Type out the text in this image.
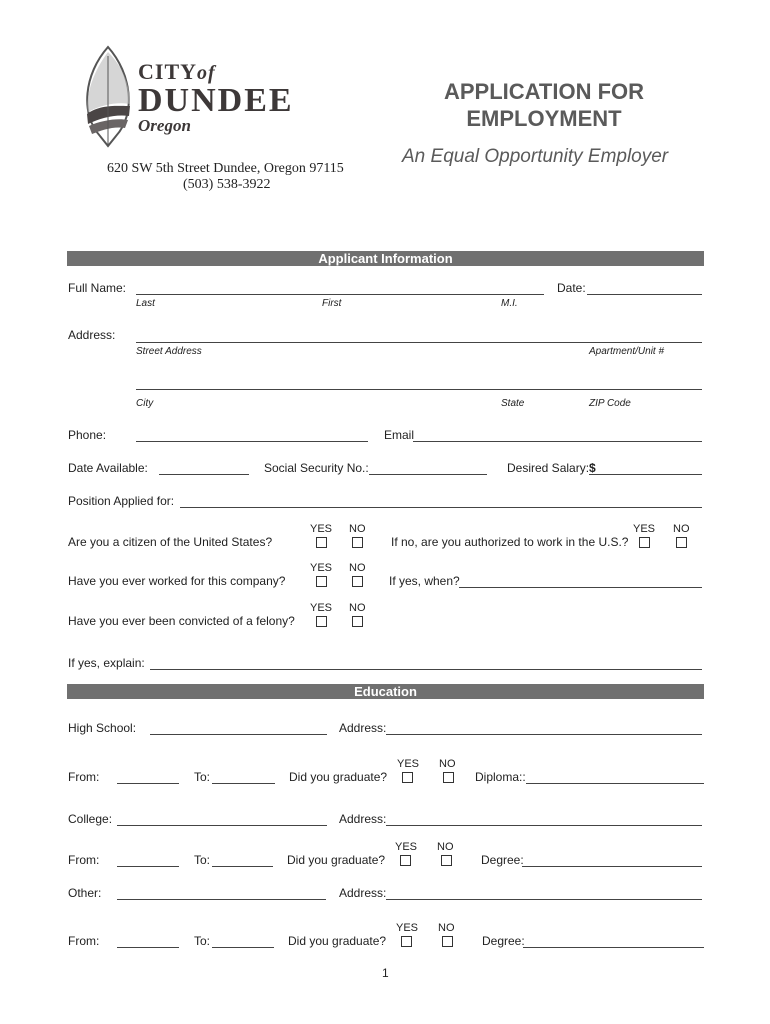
CITYof
DUNDEE
Oregon
620 SW 5th Street Dundee, Oregon 97115
(503) 538-3922
APPLICATION FOR
EMPLOYMENT
An Equal Opportunity Employer
Applicant Information
Full Name:	Date:
Last	First	M.I.
Address:
Street Address	Apartment/Unit #
City	State	ZIP Code
Phone:	Email
Date Available:	Social Security No.:	Desired Salary: $
Position Applied for:
YES NO
Are you a citizen of the United States?
YES NO
If no, are you authorized to work in the U.S.?
YES NO
Have you ever worked for this company?	If yes, when?
YES NO
Have you ever been convicted of a felony?
If yes, explain:
Education
High School:	Address:
YES NO
From:	To:	Did you graduate?	Diploma::
College:	Address:
YES NO
From:	To:	Did you graduate?	Degree:
Other:	Address:
YES NO
From:	To:	Did you graduate?	Degree:
1
